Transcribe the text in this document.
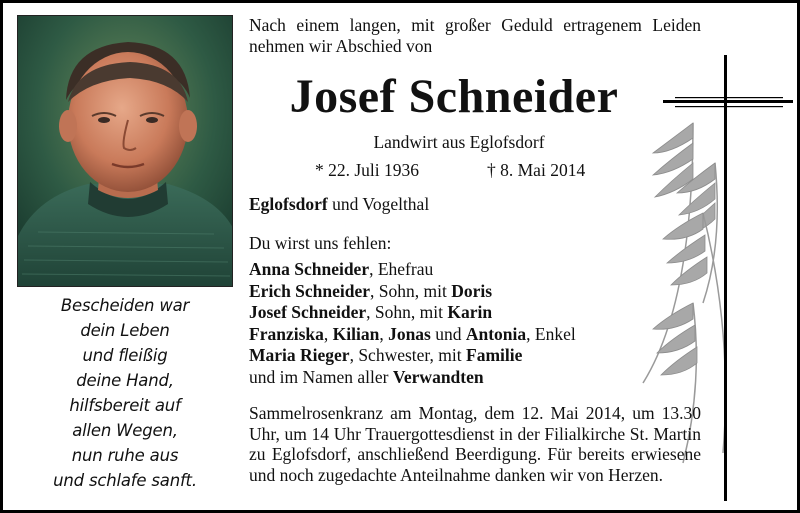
Bescheiden war
dein Leben
und fleißig
deine Hand,
hilfsbereit auf
allen Wegen,
nun ruhe aus
und schlafe sanft.
Nach einem langen, mit großer Geduld ertragenem Leiden nehmen wir Abschied von
Josef Schneider
Landwirt aus Eglofsdorf
* 22. Juli 1936	† 8. Mai 2014
Eglofsdorf und Vogelthal
Du wirst uns fehlen:
Anna Schneider, Ehefrau
Erich Schneider, Sohn, mit Doris
Josef Schneider, Sohn, mit Karin
Franziska, Kilian, Jonas und Antonia, Enkel
Maria Rieger, Schwester, mit Familie
und im Namen aller Verwandten
Sammelrosenkranz am Montag, dem 12. Mai 2014, um 13.30 Uhr, um 14 Uhr Trauergottesdienst in der Filialkirche St. Martin zu Eglofsdorf, anschließend Beerdigung. Für bereits erwiesene und noch zugedachte Anteilnahme danken wir von Herzen.
